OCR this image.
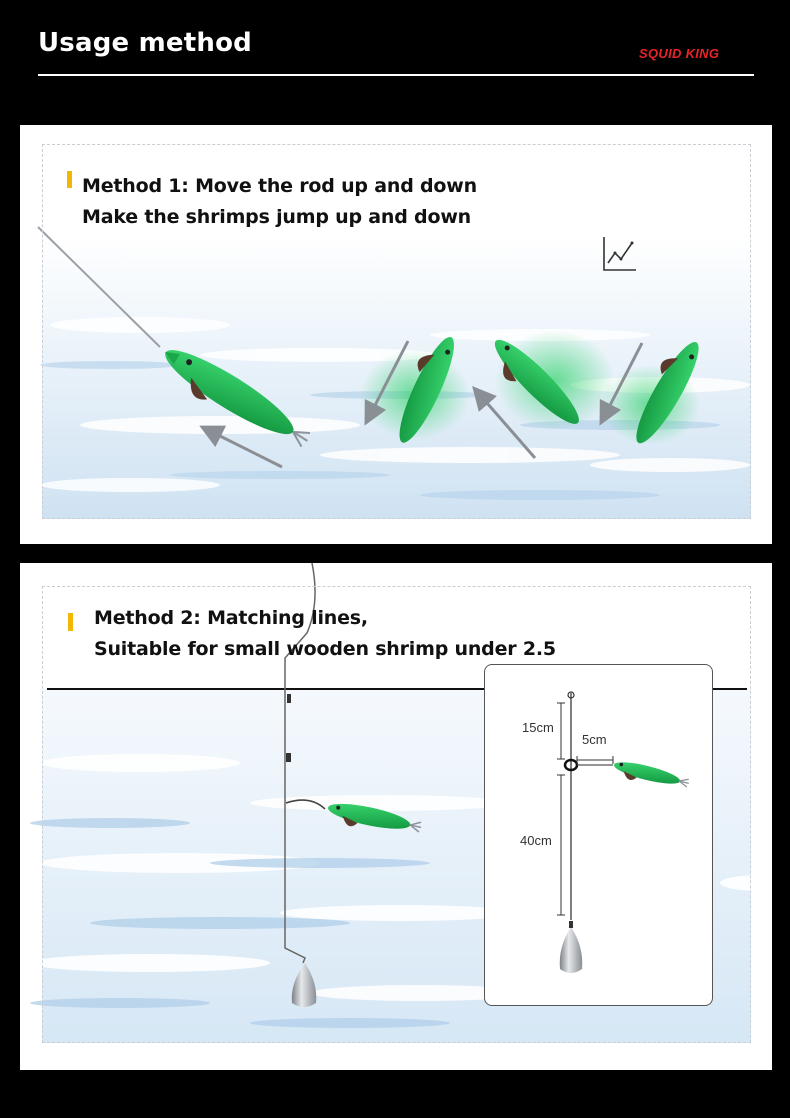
Usage method	SQUID KING
Method 1: Move the rod up and down
Make the shrimps jump up and down
Method 2: Matching lines,
Suitable for small wooden shrimp under 2.5
15cm
5cm
40cm
